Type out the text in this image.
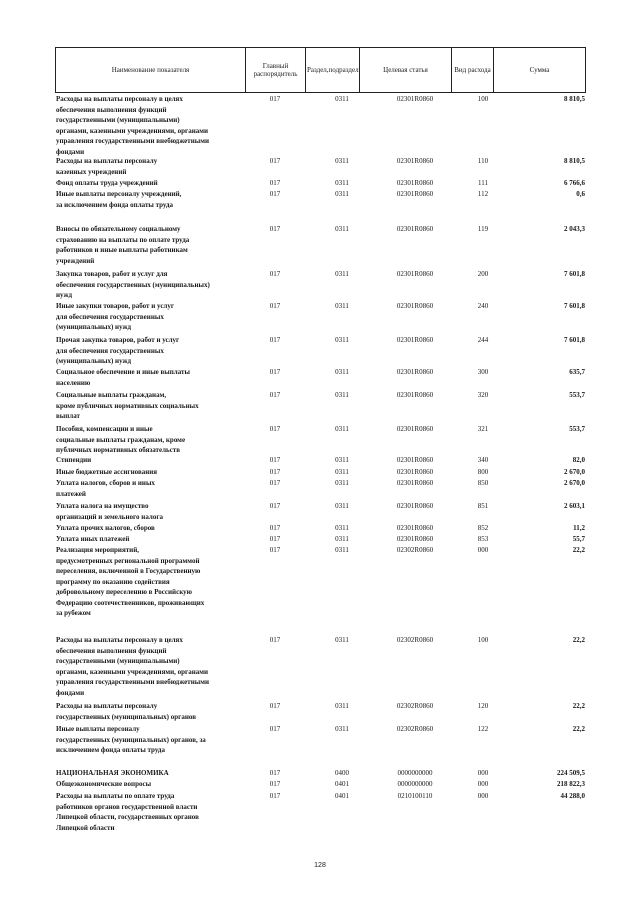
Наименование показателя	Главный распорядитель	Раздел,подраздел	Целевая статья	Вид расхода	Сумма
Расходы на выплаты персоналу в целях
обеспечения выполнения функций
государственными (муниципальными)
органами, казенными учреждениями, органами
управления государственными внебюджетными
фондами
017	0311	02301R0860	100	8 810,5
Расходы на выплаты персоналу
казенных учреждений
017	0311	02301R0860	110	8 810,5
Фонд оплаты труда учреждений	017	0311	02301R0860	111	6 766,6
Иные выплаты персоналу учреждений,
за исключением фонда оплаты труда
017	0311	02301R0860	112	0,6
Взносы по обязательному социальному
страхованию на выплаты по оплате труда
работников и иные выплаты работникам
учреждений
017	0311	02301R0860	119	2 043,3
Закупка товаров, работ и услуг для
обеспечения государственных (муниципальных)
нужд
017	0311	02301R0860	200	7 601,8
Иные закупки товаров, работ и услуг
для обеспечения государственных
(муниципальных) нужд
017	0311	02301R0860	240	7 601,8
Прочая закупка товаров, работ и услуг
для обеспечения государственных
(муниципальных) нужд
017	0311	02301R0860	244	7 601,8
Социальное обеспечение и иные выплаты
населению
017	0311	02301R0860	300	635,7
Социальные выплаты гражданам,
кроме публичных нормативных социальных
выплат
017	0311	02301R0860	320	553,7
Пособия, компенсации и иные
социальные выплаты гражданам, кроме
публичных нормативных обязательств
017	0311	02301R0860	321	553,7
Стипендии	017	0311	02301R0860	340	82,0
Иные бюджетные ассигнования	017	0311	02301R0860	800	2 670,0
Уплата налогов, сборов и иных
платежей
017	0311	02301R0860	850	2 670,0
Уплата налога на имущество
организаций и земельного налога
017	0311	02301R0860	851	2 603,1
Уплата прочих налогов, сборов	017	0311	02301R0860	852	11,2
Уплата иных платежей	017	0311	02301R0860	853	55,7
Реализация мероприятий,
предусмотренных региональной программой
переселения, включенной в Государственную
программу по оказанию содействия
добровольному переселению в Российскую
Федерацию соотечественников, проживающих
за рубежом
017	0311	02302R0860	000	22,2
Расходы на выплаты персоналу в целях
обеспечения выполнения функций
государственными (муниципальными)
органами, казенными учреждениями, органами
управления государственными внебюджетными
фондами
017	0311	02302R0860	100	22,2
Расходы на выплаты персоналу
государственных (муниципальных) органов
017	0311	02302R0860	120	22,2
Иные выплаты персоналу
государственных (муниципальных) органов, за
исключением фонда оплаты труда
017	0311	02302R0860	122	22,2
НАЦИОНАЛЬНАЯ ЭКОНОМИКА	017	0400	0000000000	000	224 509,5
Общеэкономические вопросы	017	0401	0000000000	000	218 822,3
Расходы на выплаты по оплате труда
работников органов государственной власти
Липецкой области, государственных органов
Липецкой области
017	0401	0210100110	000	44 288,0
128
